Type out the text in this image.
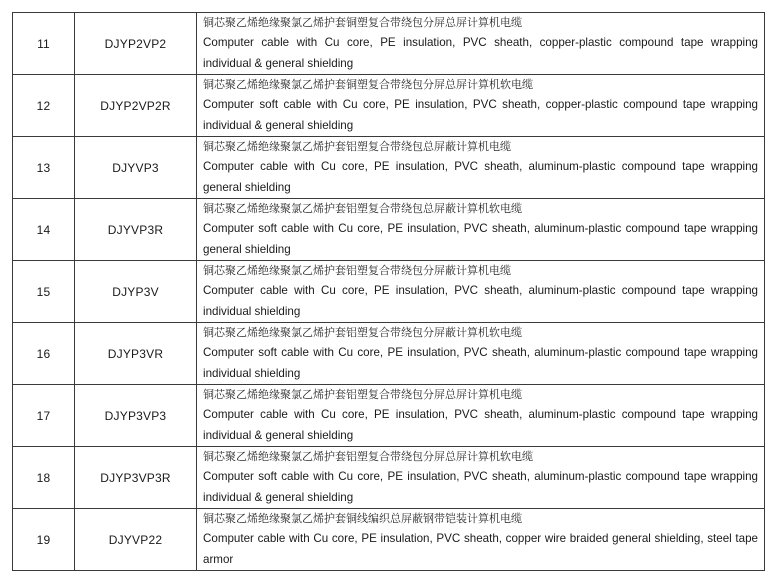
11	DJYP2VP2	铜芯聚乙烯绝缘聚氯乙烯护套铜塑复合带绕包分屏总屏计算机电缆
Computer cable with Cu core, PE insulation, PVC sheath, copper-plastic compound tape wrapping individual & general shielding

12	DJYP2VP2R	铜芯聚乙烯绝缘聚氯乙烯护套铜塑复合带绕包分屏总屏计算机软电缆
Computer soft cable with Cu core, PE insulation, PVC sheath, copper-plastic compound tape wrapping individual & general shielding

13	DJYVP3	铜芯聚乙烯绝缘聚氯乙烯护套铝塑复合带绕包总屏蔽计算机电缆
Computer cable with Cu core, PE insulation, PVC sheath, aluminum-plastic compound tape wrapping general shielding

14	DJYVP3R	铜芯聚乙烯绝缘聚氯乙烯护套铝塑复合带绕包总屏蔽计算机软电缆
Computer soft cable with Cu core, PE insulation, PVC sheath, aluminum-plastic compound tape wrapping general shielding

15	DJYP3V	铜芯聚乙烯绝缘聚氯乙烯护套铝塑复合带绕包分屏蔽计算机电缆
Computer cable with Cu core, PE insulation, PVC sheath, aluminum-plastic compound tape wrapping individual shielding

16	DJYP3VR	铜芯聚乙烯绝缘聚氯乙烯护套铝塑复合带绕包分屏蔽计算机软电缆
Computer soft cable with Cu core, PE insulation, PVC sheath, aluminum-plastic compound tape wrapping individual shielding

17	DJYP3VP3	铜芯聚乙烯绝缘聚氯乙烯护套铝塑复合带绕包分屏总屏计算机电缆
Computer cable with Cu core, PE insulation, PVC sheath, aluminum-plastic compound tape wrapping individual & general shielding

18	DJYP3VP3R	铜芯聚乙烯绝缘聚氯乙烯护套铝塑复合带绕包分屏总屏计算机软电缆
Computer soft cable with Cu core, PE insulation, PVC sheath, aluminum-plastic compound tape wrapping individual & general shielding

19	DJYVP22	铜芯聚乙烯绝缘聚氯乙烯护套铜线编织总屏蔽钢带铠装计算机电缆
Computer cable with Cu core, PE insulation, PVC sheath, copper wire braided general shielding, steel tape armor
